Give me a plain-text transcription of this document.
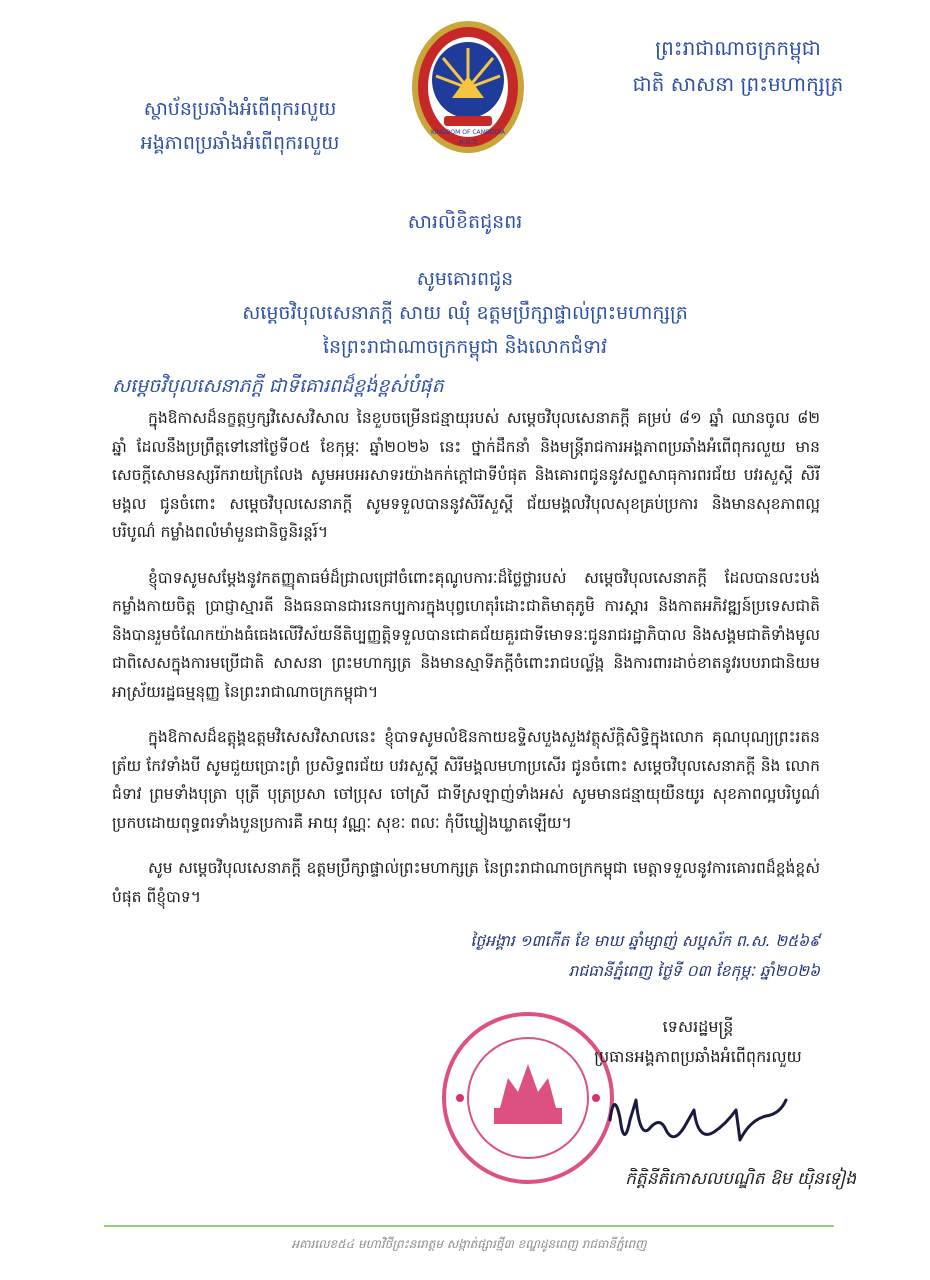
ស្ថាប័នប្រឆាំងអំពើពុករលួយ
អង្គភាពប្រឆាំងអំពើពុករលួយ	KINGDOM OF CAMBODIA
អ.ប.ព
ព្រះរាជាណាចក្រកម្ពុជា
ជាតិ សាសនា ព្រះមហាក្សត្រ
សារលិខិតជូនពរ
សូមគោរពជូន
សម្ដេចវិបុលសេនាភក្ដី សាយ ឈុំ ឧត្តមប្រឹក្សាផ្ទាល់ព្រះមហាក្សត្រ
នៃព្រះរាជាណាចក្រកម្ពុជា និងលោកជំទាវ
សម្ដេចវិបុលសេនាភក្ដី ជាទីគោរពដ៏ខ្ពង់ខ្ពស់បំផុត

ក្នុងឱកាសដ៏នក្ខត្តឫក្សវិសេសវិសាល នៃខួបចម្រើនជន្មាយុរបស់ សម្ដេចវិបុលសេនាភក្ដី គម្រប់ ៨១ ឆ្នាំ ឈានចូល ៨២ ឆ្នាំ ដែលនឹងប្រព្រឹត្តទៅនៅថ្ងៃទី០៥ ខែកុម្ភៈ ឆ្នាំ២០២៦ នេះ ថ្នាក់ដឹកនាំ និងមន្ត្រីរាជការអង្គភាពប្រឆាំងអំពើពុករលួយ មានសេចក្ដីសោមនស្សរីករាយក្រៃលែង សូមអបអរសាទរយ៉ាងកក់ក្ដៅជាទីបំផុត និងគោរពជូននូវសព្ទសាធុការពរជ័យ បវរសួស្ដី សិរីមង្គល ជូនចំពោះ សម្ដេចវិបុលសេនាភក្ដី សូមទទួលបាននូវសិរីសួស្ដី ជ័យមង្គលវិបុលសុខគ្រប់ប្រការ និងមានសុខភាពល្អបរិបូណ៌ កម្លាំងពលំមាំមួនជានិច្ចនិរន្តរ៍។

ខ្ញុំបាទសូមសម្ដែងនូវកតញ្ញុតាធម៌ដ៏ជ្រាលជ្រៅចំពោះគុណូបការៈដ៏ថ្លៃថ្លារបស់ សម្ដេចវិបុលសេនាភក្ដី ដែលបានលះបង់កម្លាំងកាយចិត្ត ប្រាជ្ញាស្មារតី និងធនធានជារនេកប្បការក្នុងបុព្វហេតុរំដោះជាតិមាតុភូមិ ការស្ដារ និងកាតអភិវឌ្ឍន៍ប្រទេសជាតិ និងបានរួមចំណែកយ៉ាងធំធេងលើវិស័យនីតិប្បញ្ញត្តិទទួលបានជោគជ័យគួរជាទីមោទនៈជូនរាជរដ្ឋាភិបាល និងសង្គមជាតិទាំងមូល ជាពិសេសក្នុងការមប្រើជាតិ សាសនា ព្រះមហាក្សត្រ និងមានស្មាទីភក្ដីចំពោះរាជបល្ល័ង្ក និងការពារដាច់ខាតនូវរបបរាជានិយមអាស្រ័យរដ្ឋធម្មនុញ្ញ នៃព្រះរាជាណាចក្រកម្ពុជា។

ក្នុងឱកាសដ៏ឧត្តុង្គឧត្តមវិសេសវិសាលនេះ ខ្ញុំបាទសូមលំឱនកាយឧទ្ទិសបួងសួងវត្ថុស័ក្ដិសិទ្ធិក្នុងលោក គុណបុណ្យព្រះរតនត្រ័យ កែវទាំងបី សូមជួយប្រោះព្រំ ប្រសិទ្ធពរជ័យ បវរសួស្ដី សិរីមង្គលមហាប្រសើរ ជូនចំពោះ សម្ដេចវិបុលសេនាភក្ដី និង លោកជំទាវ ព្រមទាំងបុត្រា បុត្រី បុត្រប្រសា ចៅប្រុស ចៅស្រី ជាទីស្រឡាញ់ទាំងអស់ សូមមានជន្មាយុយឺនយូរ សុខភាពល្អបរិបូណ៌ ប្រកបដោយពុទ្ធពរទាំងបួនប្រការគឺ អាយុ វណ្ណៈ សុខៈ ពលៈ កុំបីឃ្លៀងឃ្លាតឡើយ។

សូម សម្ដេចវិបុលសេនាភក្ដី ឧត្តមប្រឹក្សាផ្ទាល់ព្រះមហាក្សត្រ នៃព្រះរាជាណាចក្រកម្ពុជា មេត្តាទទួលនូវការគោរពដ៏ខ្ពង់ខ្ពស់បំផុត ពីខ្ញុំបាទ។

ថ្ងៃអង្គារ ១៣កើត ខែ មាឃ ឆ្នាំម្សាញ់ សប្តស័ក ព.ស. ២៥៦៩
រាជធានីភ្នំពេញ ថ្ងៃទី ០៣ ខែកុម្ភៈ ឆ្នាំ២០២៦
ទេសរដ្ឋមន្ត្រី
ប្រធានអង្គភាពប្រឆាំងអំពើពុករលួយ
កិត្តិនីតិកោសលបណ្ឌិត ឱម យ៉ិនទៀង
អគារលេខ៥៤ មហាវិថីព្រះនរោត្តម សង្កាត់ផ្សារថ្មី៣ ខណ្ឌដូនពេញ រាជធានីភ្នំពេញ
